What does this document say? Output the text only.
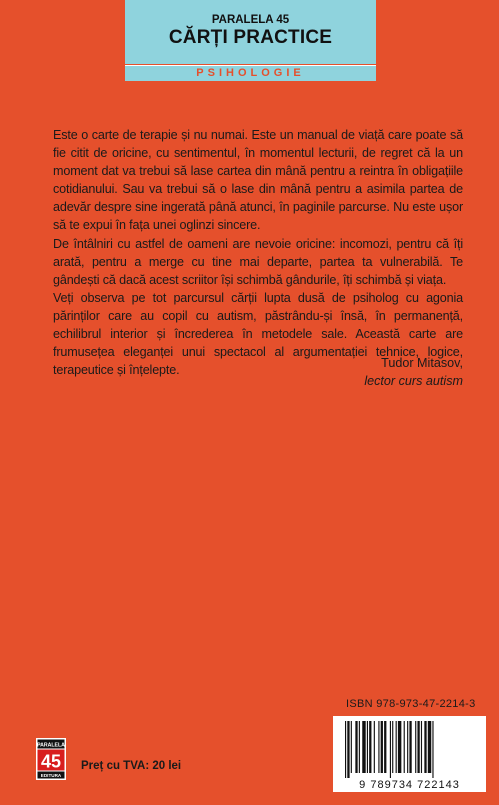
PARALELA 45
CĂRȚI PRACTICE
PSIHOLOGIE

Este o carte de terapie și nu numai. Este un manual de viață care poate să fie citit de oricine, cu sentimentul, în momentul lecturii, de regret că la un moment dat va trebui să lase cartea din mână pentru a reintra în obligațiile cotidianului. Sau va trebui să o lase din mână pentru a asimila partea de adevăr despre sine ingerată până atunci, în paginile parcurse. Nu este ușor să te expui în fața unei oglinzi sincere.

De întâlniri cu astfel de oameni are nevoie oricine: incomozi, pentru că îți arată, pentru a merge cu tine mai departe, partea ta vulnerabilă. Te gândești că dacă acest scriitor își schimbă gândurile, îți schimbă și viața.

Veți observa pe tot parcursul cărții lupta dusă de psiholog cu agonia părinților care au copil cu autism, păstrându-și însă, în permanență, echilibrul interior și încrederea în metodele sale. Această carte are frumusețea eleganței unui spectacol al argumentației tehnice, logice, terapeutice și înțelepte.

Tudor Mitasov,
lector curs autism
PARALELA
45
EDITURA
Preț cu TVA: 20 lei
ISBN 978-973-47-2214-3
9 789734 722143
